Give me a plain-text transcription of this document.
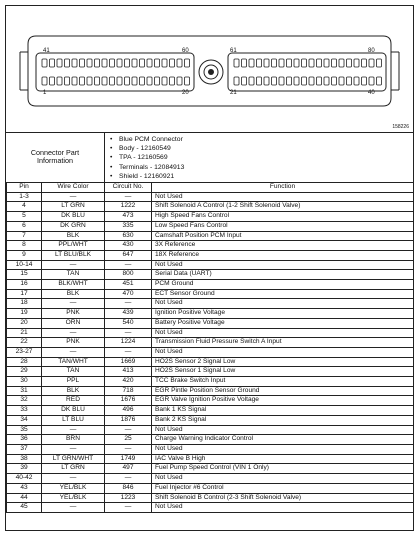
41	60	61	80
1	20	21	40
158226
Connector Part
Information
• Blue PCM Connector
• Body - 12160549
• TPA - 12160569
• Terminals - 12084913
• Shield - 12160921
Pin	Wire Color	Circuit No.	Function
1-3	—	—	Not Used
4	LT GRN	1222	Shift Solenoid A Control (1-2 Shift Solenoid Valve)
5	DK BLU	473	High Speed Fans Control
6	DK GRN	335	Low Speed Fans Control
7	BLK	630	Camshaft Position PCM Input
8	PPL/WHT	430	3X Reference
9	LT BLU/BLK	647	18X Reference
10-14	—	—	Not Used
15	TAN	800	Serial Data (UART)
16	BLK/WHT	451	PCM Ground
17	BLK	470	ECT Sensor Ground
18	—	—	Not Used
19	PNK	439	Ignition Positive Voltage
20	ORN	540	Battery Positive Voltage
21	—	—	Not Used
22	PNK	1224	Transmission Fluid Pressure Switch A Input
23-27	—	—	Not Used
28	TAN/WHT	1669	HO2S Sensor 2 Signal Low
29	TAN	413	HO2S Sensor 1 Signal Low
30	PPL	420	TCC Brake Switch Input
31	BLK	718	EGR Pintle Position Sensor Ground
32	RED	1676	EGR Valve Ignition Positive Voltage
33	DK BLU	496	Bank 1 KS Signal
34	LT BLU	1876	Bank 2 KS Signal
35	—	—	Not Used
36	BRN	25	Charge Warning Indicator Control
37	—	—	Not Used
38	LT GRN/WHT	1749	IAC Valve B High
39	LT GRN	497	Fuel Pump Speed Control (VIN 1 Only)
40-42	—	—	Not Used
43	YEL/BLK	846	Fuel Injector #6 Control
44	YEL/BLK	1223	Shift Solenoid B Control (2-3 Shift Solenoid Valve)
45	—	—	Not Used
